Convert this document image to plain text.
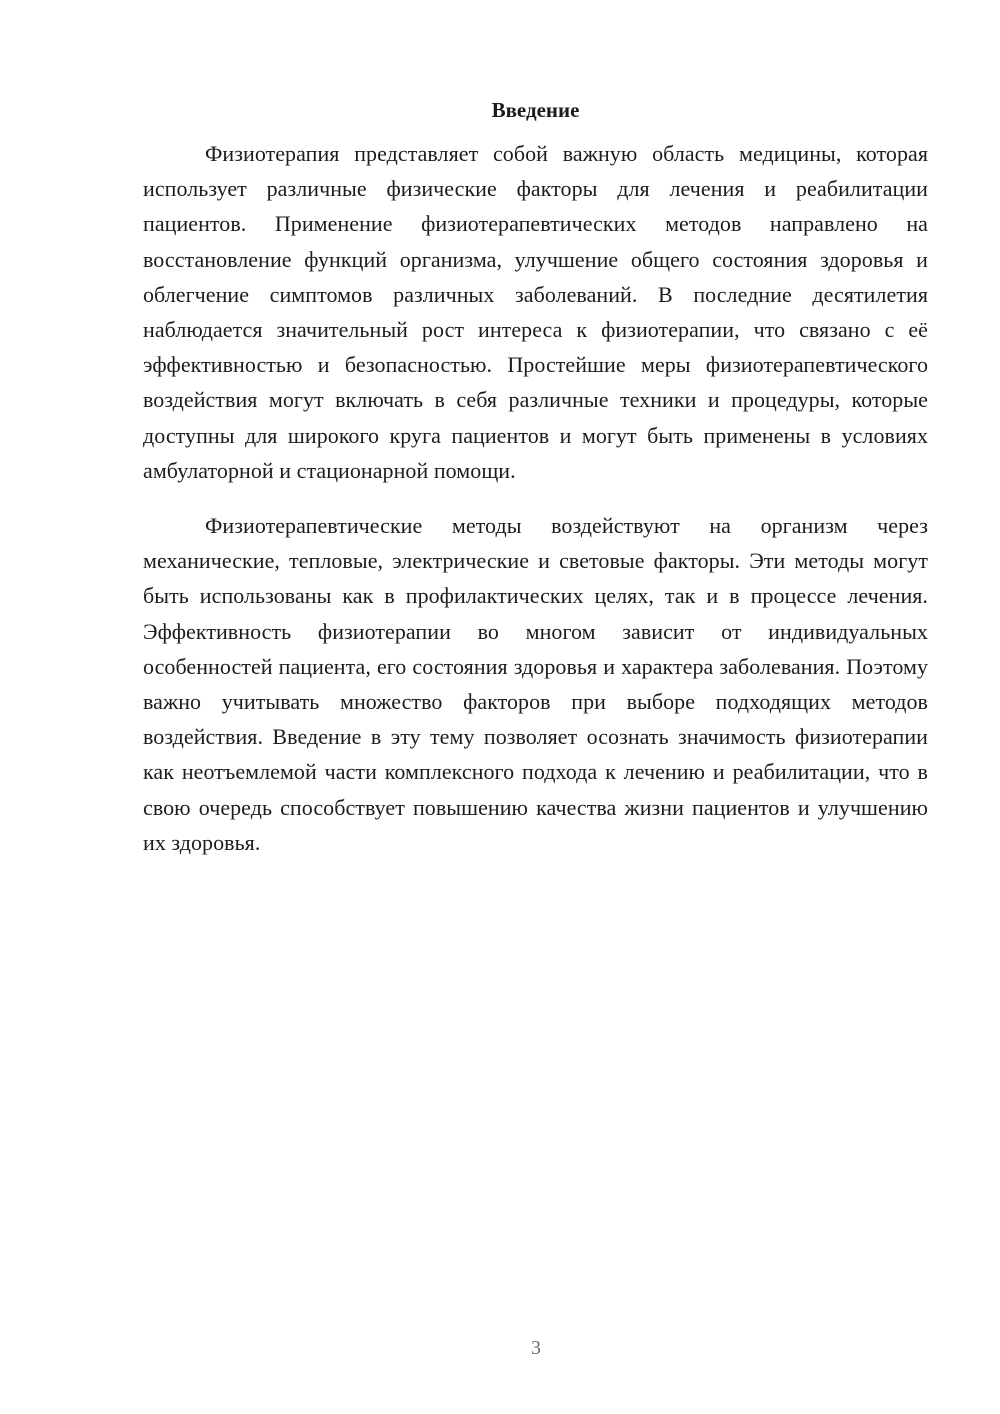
Введение

Физиотерапия представляет собой важную область медицины, которая использует различные физические факторы для лечения и реабилитации пациентов. Применение физиотерапевтических методов направлено на восстановление функций организма, улучшение общего состояния здоровья и облегчение симптомов различных заболеваний. В последние десятилетия наблюдается значительный рост интереса к физиотерапии, что связано с её эффективностью и безопасностью. Простейшие меры физиотерапевтического воздействия могут включать в себя различные техники и процедуры, которые доступны для широкого круга пациентов и могут быть применены в условиях амбулаторной и стационарной помощи.

Физиотерапевтические методы воздействуют на организм через механические, тепловые, электрические и световые факторы. Эти методы могут быть использованы как в профилактических целях, так и в процессе лечения. Эффективность физиотерапии во многом зависит от индивидуальных особенностей пациента, его состояния здоровья и характера заболевания. Поэтому важно учитывать множество факторов при выборе подходящих методов воздействия. Введение в эту тему позволяет осознать значимость физиотерапии как неотъемлемой части комплексного подхода к лечению и реабилитации, что в свою очередь способствует повышению качества жизни пациентов и улучшению их здоровья.

3
